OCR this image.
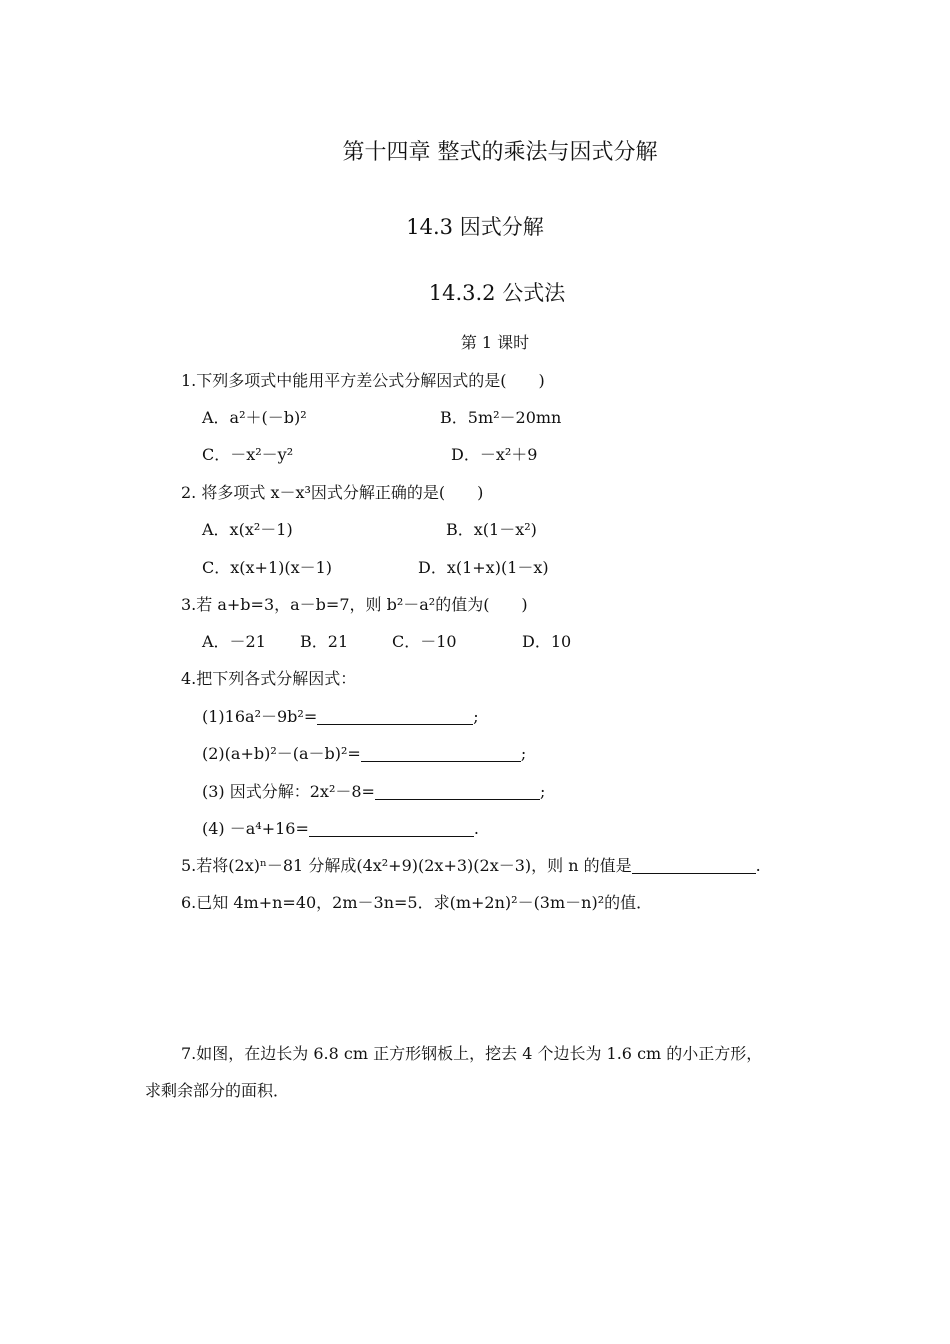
第十四章 整式的乘法与因式分解
14.3 因式分解
14.3.2 公式法
第 1 课时
1.下列多项式中能用平方差公式分解因式的是(　　)
A．a²＋(－b)²	B．5m²－20mn
C．－x²－y²	D．－x²＋9
2. 将多项式 x－x³因式分解正确的是(　　)
A．x(x²－1)	B．x(1－x²)
C．x(x+1)(x－1)	D．x(1+x)(1－x)
3.若 a+b=3，a－b=7，则 b²－a²的值为(　　)
A．－21 B．21	C．－10	D．10
4.把下列各式分解因式：
(1)16a²－9b²=	;
(2)(a+b)²－(a－b)²=	;
(3) 因式分解：2x²－8=	;
(4) －a⁴+16=	.
5.若将(2x)ⁿ－81 分解成(4x²+9)(2x+3)(2x－3)，则 n 的值是	.
6.已知 4m+n=40，2m－3n=5．求(m+2n)²－(3m－n)²的值．
7.如图，在边长为 6.8 cm 正方形钢板上，挖去 4 个边长为 1.6 cm 的小正方形，
求剩余部分的面积．
